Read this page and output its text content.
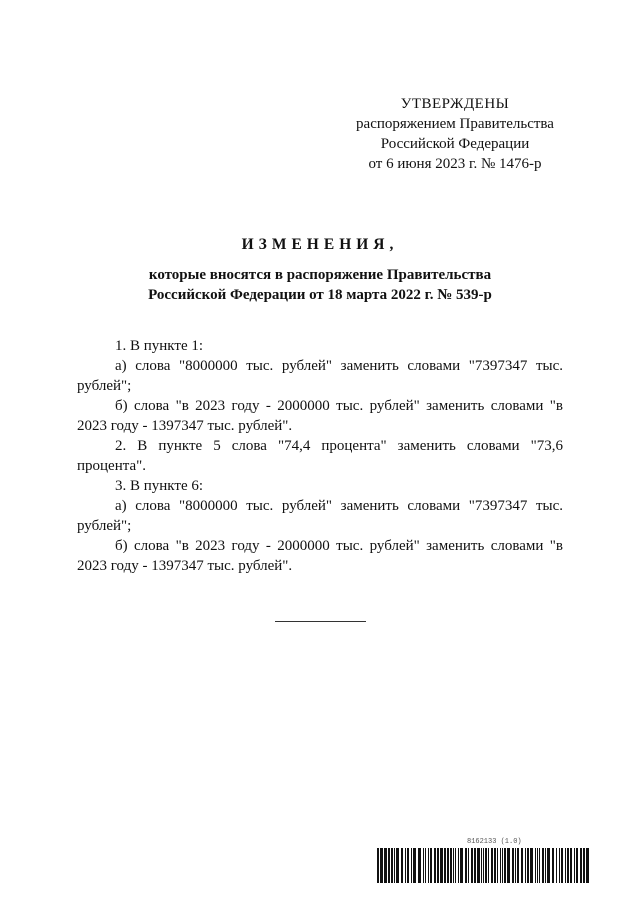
УТВЕРЖДЕНЫ
распоряжением Правительства
Российской Федерации
от 6 июня 2023 г. № 1476-р
ИЗМЕНЕНИЯ,
которые вносятся в распоряжение Правительства
Российской Федерации от 18 марта 2022 г. № 539-р

1. В пункте 1:

а) слова "8000000 тыс. рублей" заменить словами "7397347 тыс. рублей";

б) слова "в 2023 году - 2000000 тыс. рублей" заменить словами "в 2023 году - 1397347 тыс. рублей".

2. В пункте 5 слова "74,4 процента" заменить словами "73,6 процента".

3. В пункте 6:

а) слова "8000000 тыс. рублей" заменить словами "7397347 тыс. рублей";

б) слова "в 2023 году - 2000000 тыс. рублей" заменить словами "в 2023 году - 1397347 тыс. рублей".

8162133 (1.0)
